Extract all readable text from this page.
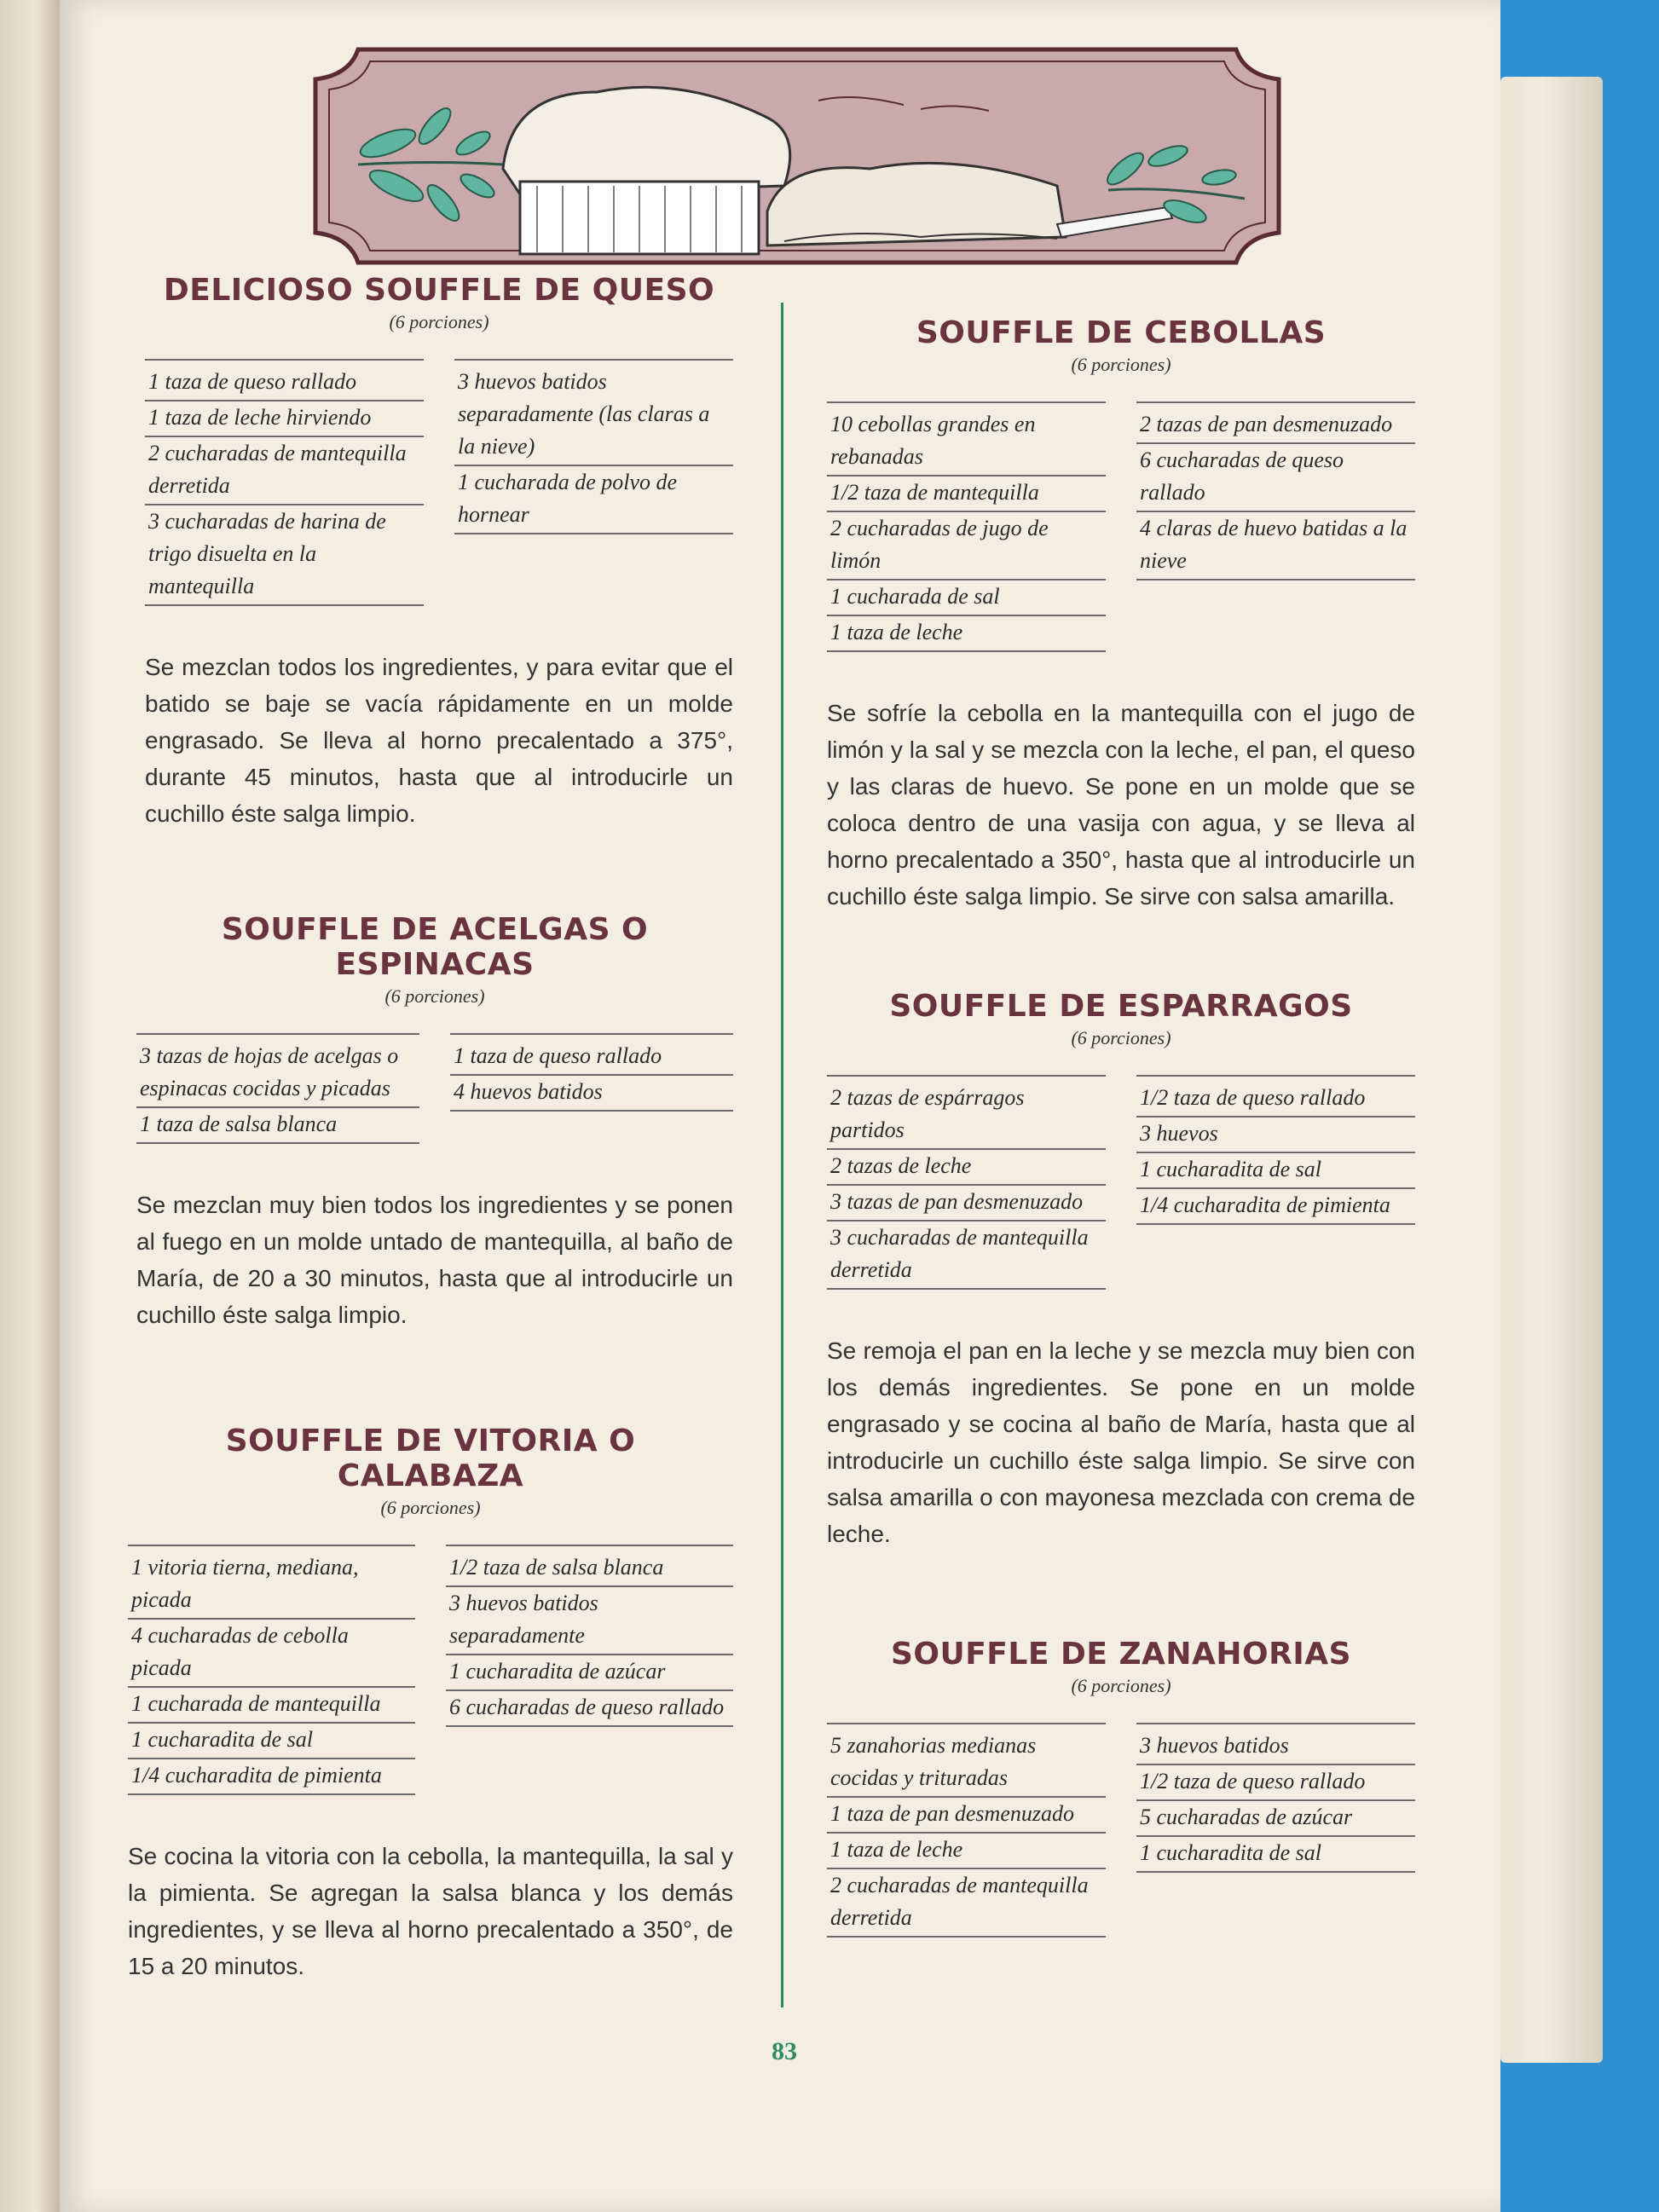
DELICIOSO SOUFFLE DE QUESO
(6 porciones)
1 taza de queso rallado
1 taza de leche hirviendo
2 cucharadas de mantequilla derretida
3 cucharadas de harina de trigo disuelta en la mantequilla
3 huevos batidos separadamente (las claras a la nieve)
1 cucharada de polvo de hornear

Se mezclan todos los ingredientes, y para evitar que el batido se baje se vacía rápidamente en un molde engrasado. Se lleva al horno precalentado a 375°, durante 45 minutos, hasta que al introducirle un cuchillo éste salga limpio.

SOUFFLE DE ACELGAS O ESPINACAS
(6 porciones)
3 tazas de hojas de acelgas o espinacas cocidas y picadas
1 taza de salsa blanca
1 taza de queso rallado
4 huevos batidos

Se mezclan muy bien todos los ingredientes y se ponen al fuego en un molde untado de mantequilla, al baño de María, de 20 a 30 minutos, hasta que al introducirle un cuchillo éste salga limpio.

SOUFFLE DE VITORIA O CALABAZA
(6 porciones)
1 vitoria tierna, mediana, picada
4 cucharadas de cebolla picada
1 cucharada de mantequilla
1 cucharadita de sal
1/4 cucharadita de pimienta
1/2 taza de salsa blanca
3 huevos batidos separadamente
1 cucharadita de azúcar
6 cucharadas de queso rallado

Se cocina la vitoria con la cebolla, la mantequilla, la sal y la pimienta. Se agregan la salsa blanca y los demás ingredientes, y se lleva al horno precalentado a 350°, de 15 a 20 minutos.

SOUFFLE DE CEBOLLAS
(6 porciones)
10 cebollas grandes en rebanadas
1/2 taza de mantequilla
2 cucharadas de jugo de limón
1 cucharada de sal
1 taza de leche
2 tazas de pan desmenuzado
6 cucharadas de queso rallado
4 claras de huevo batidas a la nieve

Se sofríe la cebolla en la mantequilla con el jugo de limón y la sal y se mezcla con la leche, el pan, el queso y las claras de huevo. Se pone en un molde que se coloca dentro de una vasija con agua, y se lleva al horno precalentado a 350°, hasta que al introducirle un cuchillo éste salga limpio. Se sirve con salsa amarilla.

SOUFFLE DE ESPARRAGOS
(6 porciones)
2 tazas de espárragos partidos
2 tazas de leche
3 tazas de pan desmenuzado
3 cucharadas de mantequilla derretida
1/2 taza de queso rallado
3 huevos
1 cucharadita de sal
1/4 cucharadita de pimienta

Se remoja el pan en la leche y se mezcla muy bien con los demás ingredientes. Se pone en un molde engrasado y se cocina al baño de María, hasta que al introducirle un cuchillo éste salga limpio. Se sirve con salsa amarilla o con mayonesa mezclada con crema de leche.

SOUFFLE DE ZANAHORIAS
(6 porciones)
5 zanahorias medianas cocidas y trituradas
1 taza de pan desmenuzado
1 taza de leche
2 cucharadas de mantequilla derretida
3 huevos batidos
1/2 taza de queso rallado
5 cucharadas de azúcar
1 cucharadita de sal
83
